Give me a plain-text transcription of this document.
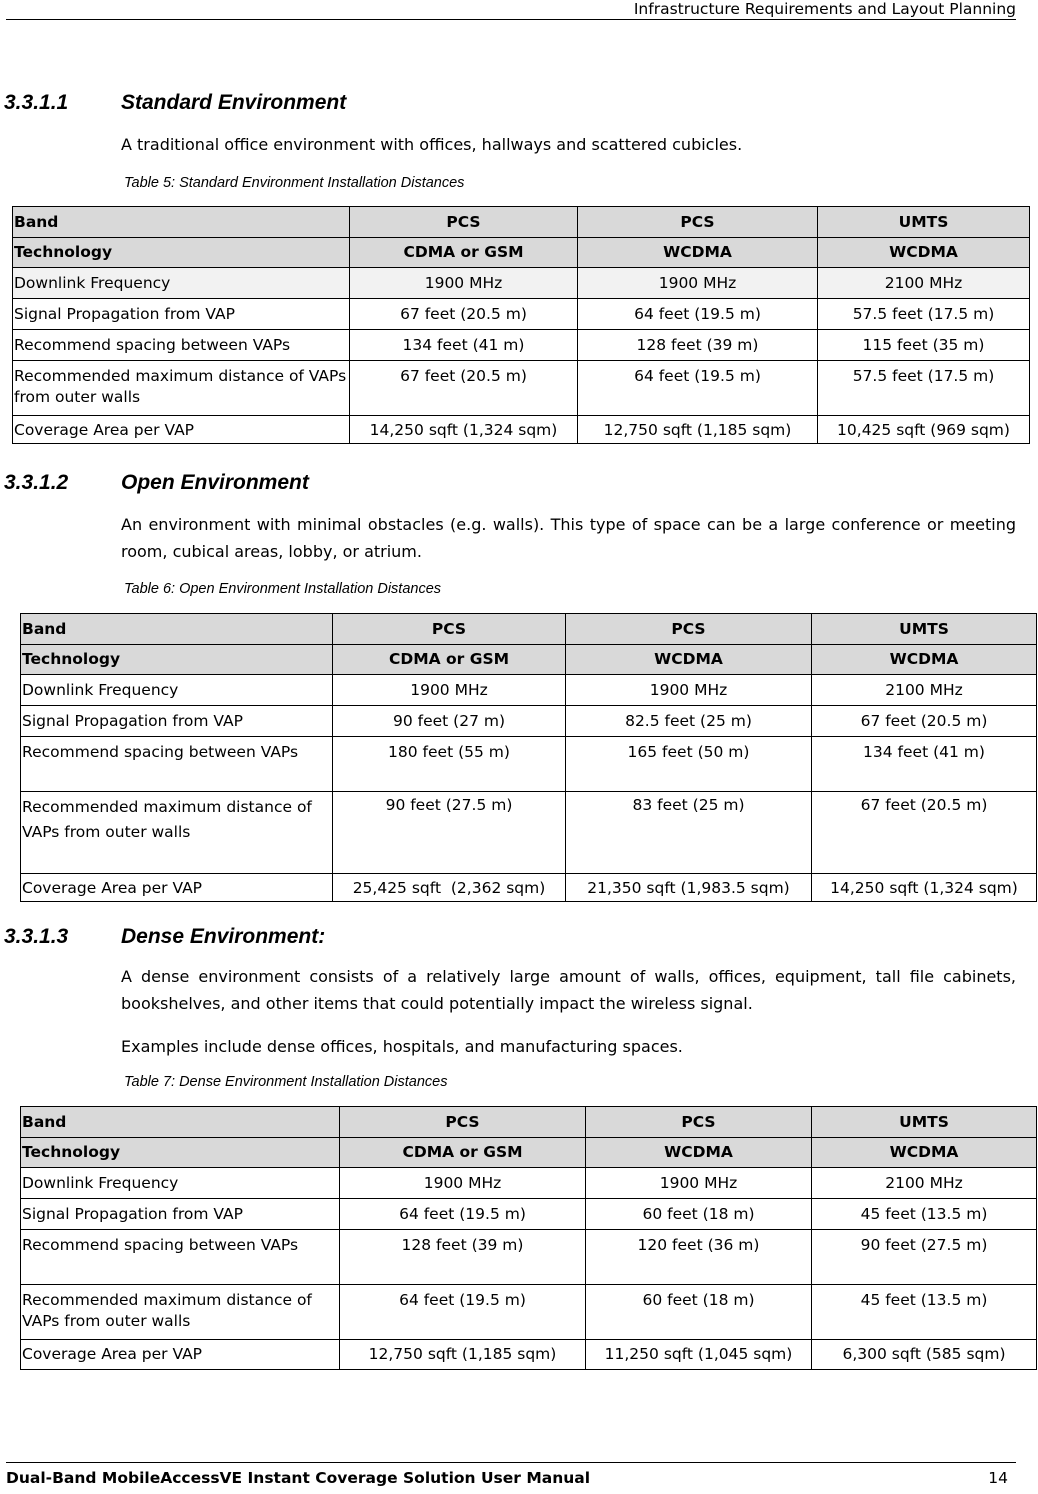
Infrastructure Requirements and Layout Planning
3.3.1.1	Standard Environment
A traditional office environment with offices, hallways and scattered cubicles.
Table 5: Standard Environment Installation Distances
Band	PCS	PCS	UMTS
Technology	CDMA or GSM	WCDMA	WCDMA
Downlink Frequency	1900 MHz	1900 MHz	2100 MHz
Signal Propagation from VAP	67 feet (20.5 m)	64 feet (19.5 m)	57.5 feet (17.5 m)
Recommend spacing between VAPs	134 feet (41 m)	128 feet (39 m)	115 feet (35 m)
Recommended maximum distance of VAPs from outer walls	67 feet (20.5 m)	64 feet (19.5 m)	57.5 feet (17.5 m)
Coverage Area per VAP	14,250 sqft (1,324 sqm)	12,750 sqft (1,185 sqm)	10,425 sqft (969 sqm)
3.3.1.2	Open Environment
An environment with minimal obstacles (e.g. walls). This type of space can be a large conference or meeting room, cubical areas, lobby, or atrium.
Table 6: Open Environment Installation Distances
Band	PCS	PCS	UMTS
Technology	CDMA or GSM	WCDMA	WCDMA
Downlink Frequency	1900 MHz	1900 MHz	2100 MHz
Signal Propagation from VAP	90 feet (27 m)	82.5 feet (25 m)	67 feet (20.5 m)
Recommend spacing between VAPs	180 feet (55 m)	165 feet (50 m)	134 feet (41 m)
Recommended maximum distance of VAPs from outer walls	90 feet (27.5 m)	83 feet (25 m)	67 feet (20.5 m)
Coverage Area per VAP	25,425 sqft  (2,362 sqm)	21,350 sqft (1,983.5 sqm)	14,250 sqft (1,324 sqm)
3.3.1.3	Dense Environment:
A dense environment consists of a relatively large amount of walls, offices, equipment, tall file cabinets, bookshelves, and other items that could potentially impact the wireless signal.
Examples include dense offices, hospitals, and manufacturing spaces.
Table 7: Dense Environment Installation Distances
Band	PCS	PCS	UMTS
Technology	CDMA or GSM	WCDMA	WCDMA
Downlink Frequency	1900 MHz	1900 MHz	2100 MHz
Signal Propagation from VAP	64 feet (19.5 m)	60 feet (18 m)	45 feet (13.5 m)
Recommend spacing between VAPs	128 feet (39 m)	120 feet (36 m)	90 feet (27.5 m)
Recommended maximum distance of VAPs from outer walls	64 feet (19.5 m)	60 feet (18 m)	45 feet (13.5 m)
Coverage Area per VAP	12,750 sqft (1,185 sqm)	11,250 sqft (1,045 sqm)	6,300 sqft (585 sqm)
Dual-Band MobileAccessVE Instant Coverage Solution User Manual	14
